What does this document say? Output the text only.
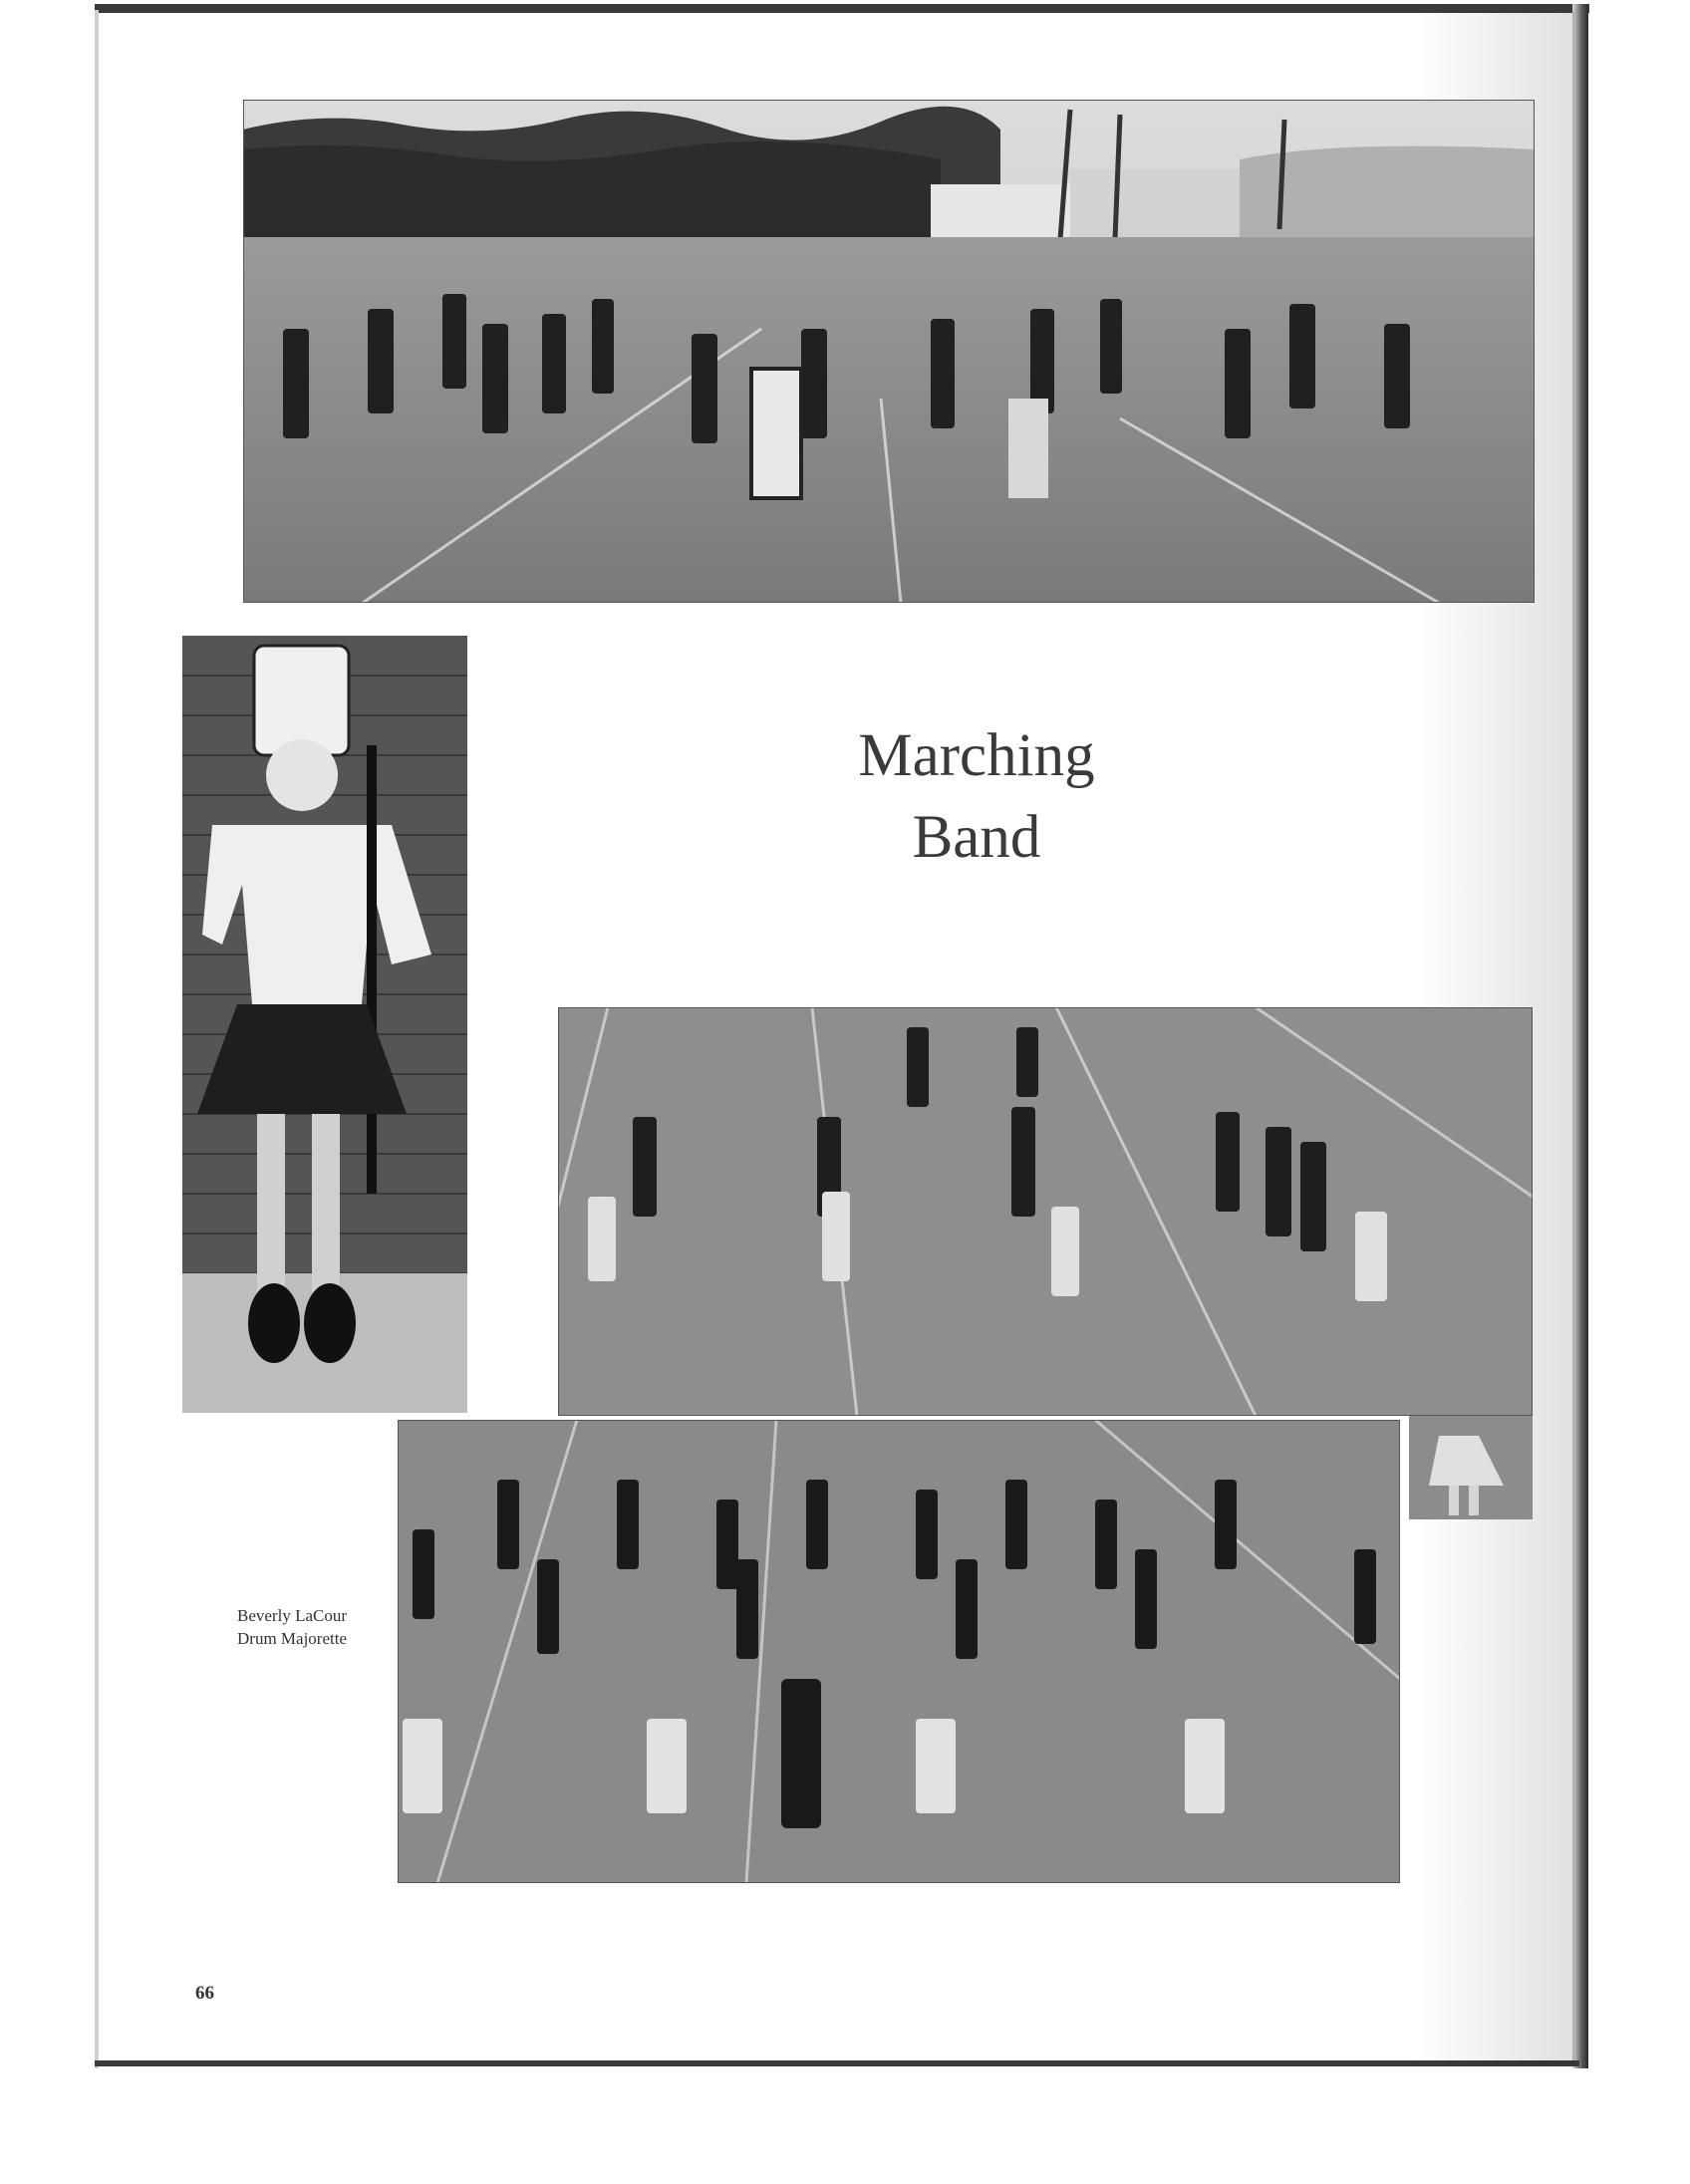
Marching
Band
Beverly LaCour
Drum Majorette
66
